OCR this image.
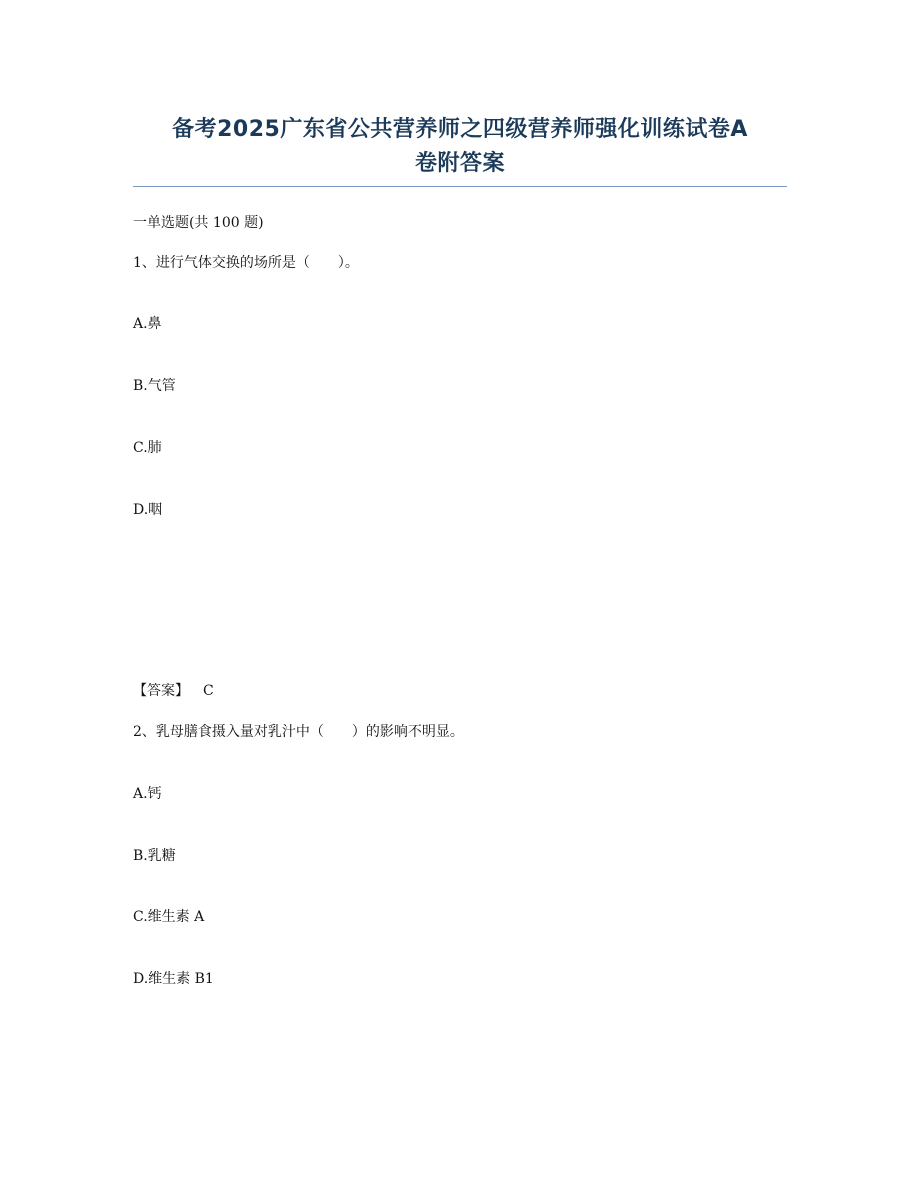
备考2025广东省公共营养师之四级营养师强化训练试卷A
卷附答案
一单选题(共 100 题)
1、进行气体交换的场所是（　　）。
A.鼻
B.气管
C.肺
D.咽
【答案】 C
2、乳母膳食摄入量对乳汁中（　　）的影响不明显。
A.钙
B.乳糖
C.维生素 A
D.维生素 B1
